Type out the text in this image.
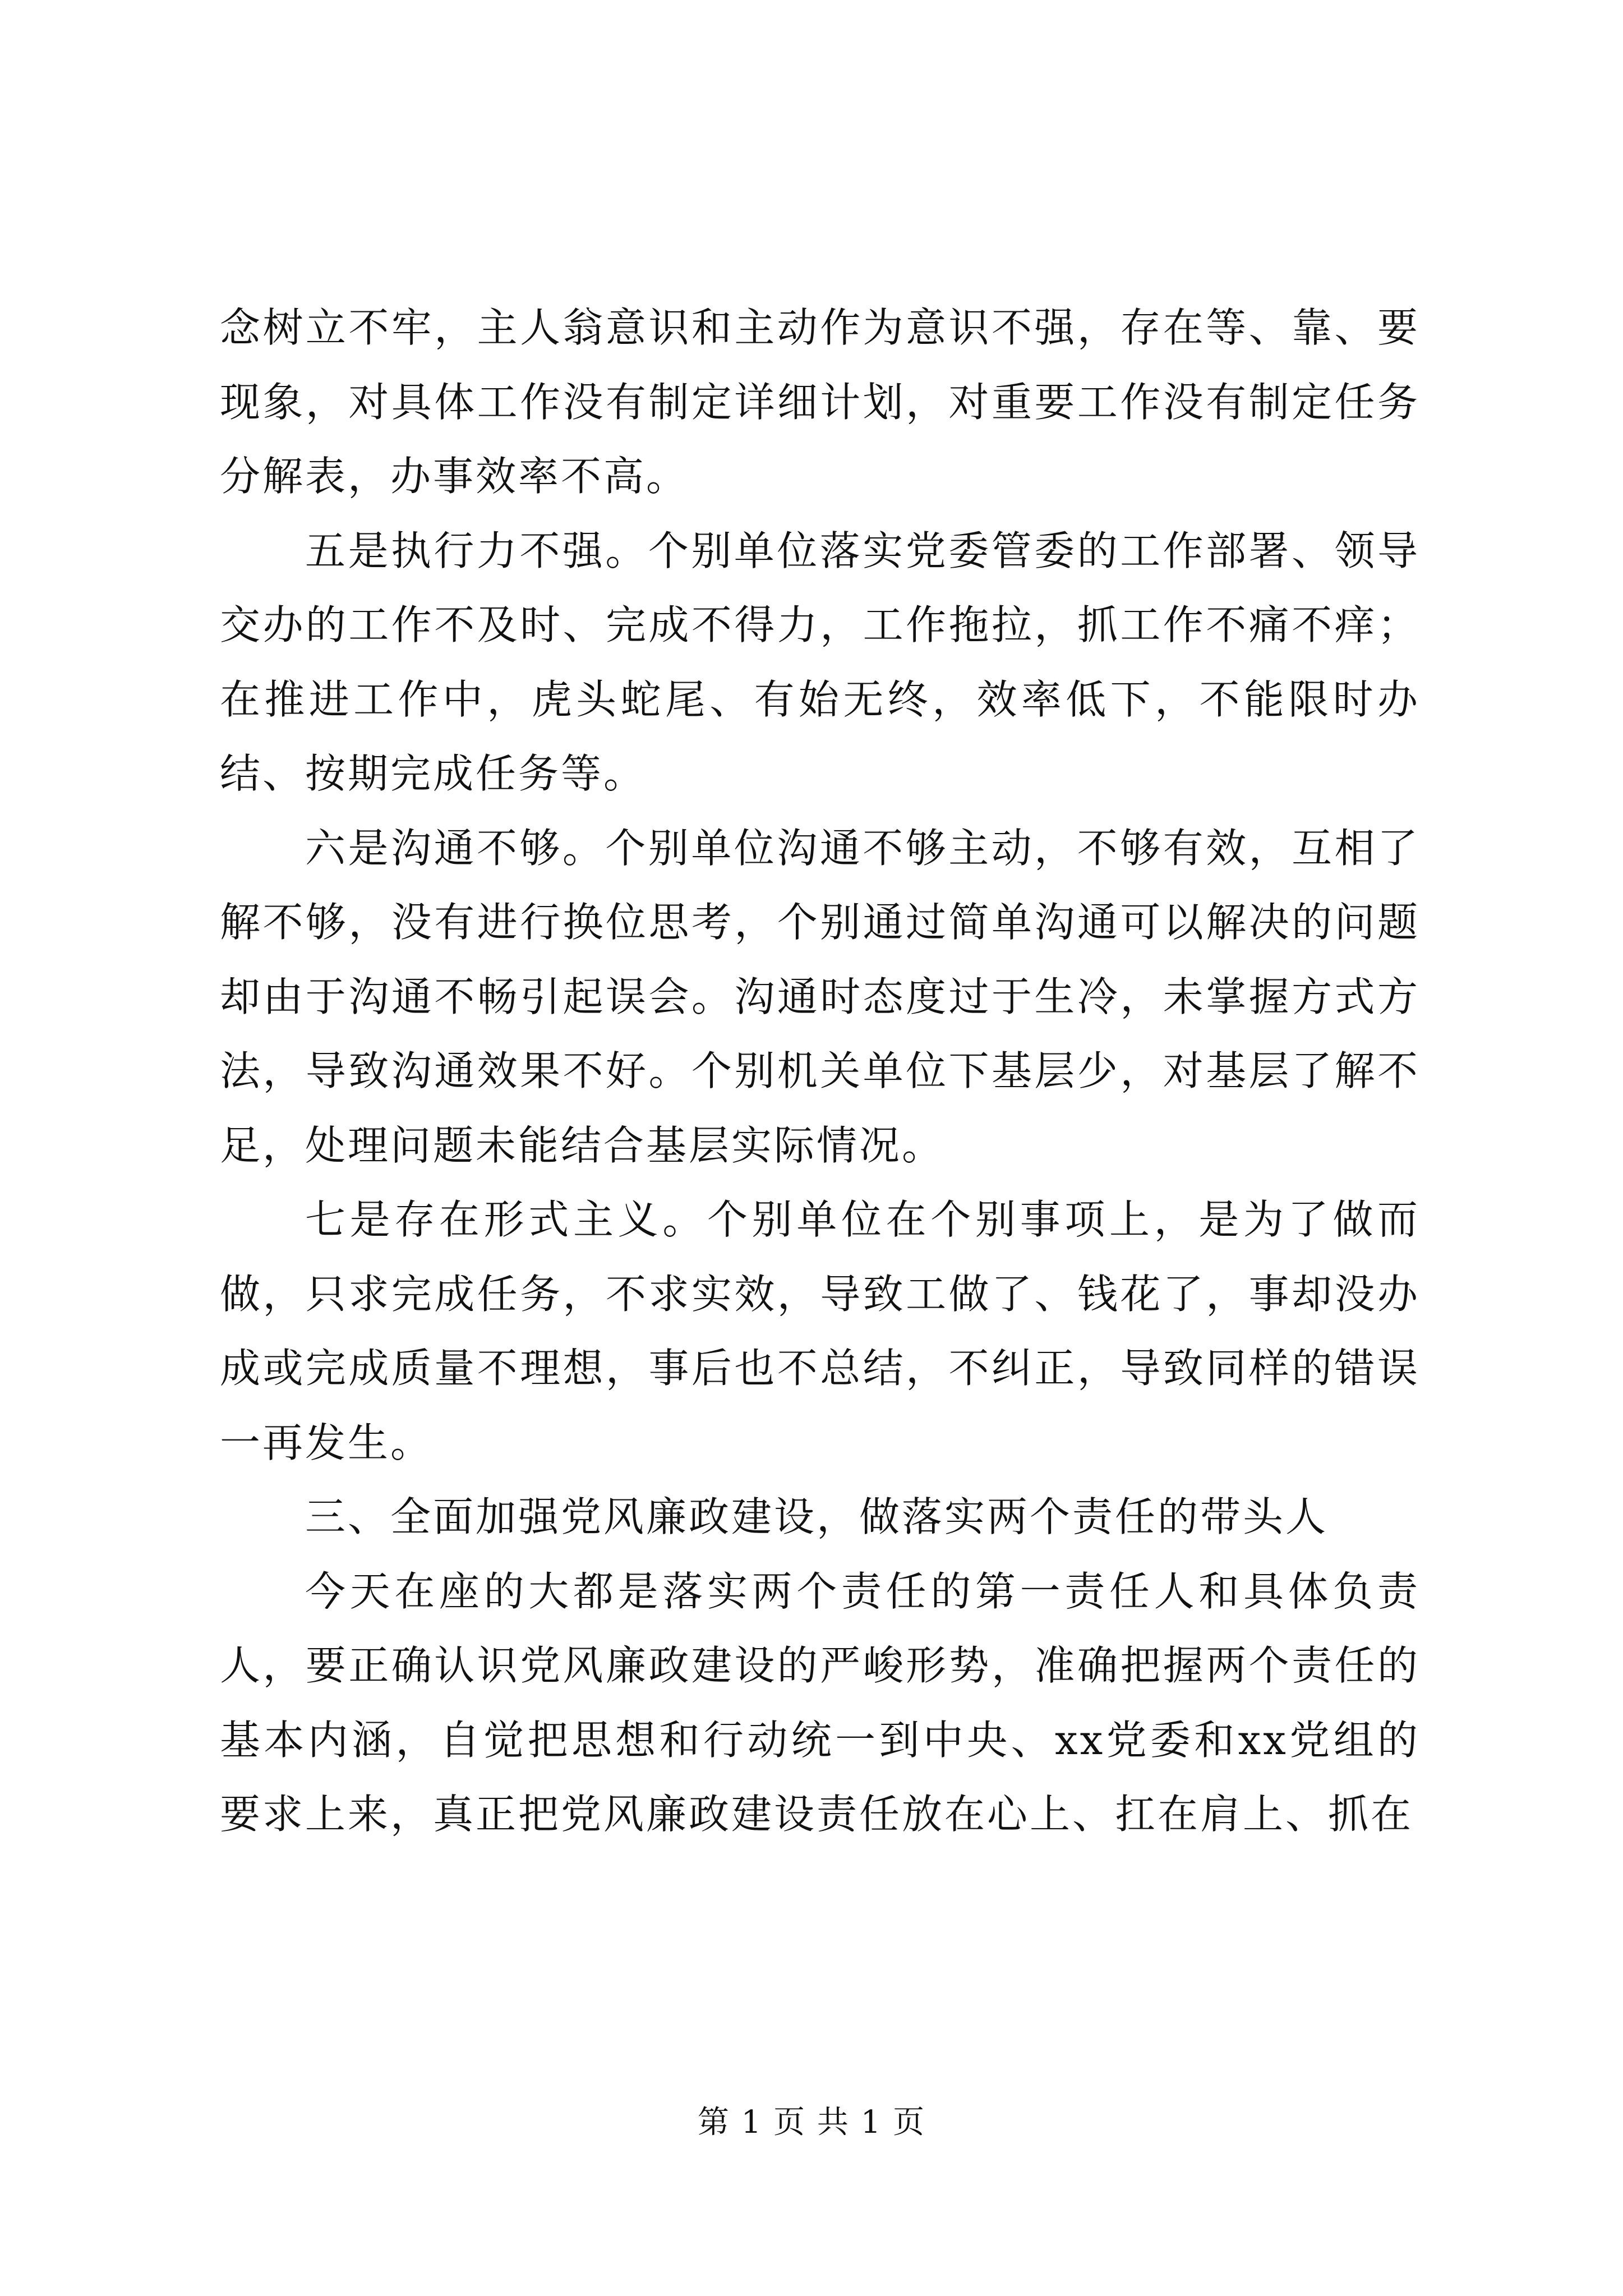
念树立不牢，主人翁意识和主动作为意识不强，存在等、靠、要现象，对具体工作没有制定详细计划，对重要工作没有制定任务分解表，办事效率不高。

五是执行力不强。个别单位落实党委管委的工作部署、领导交办的工作不及时、完成不得力，工作拖拉，抓工作不痛不痒；在推进工作中，虎头蛇尾、有始无终，效率低下，不能限时办结、按期完成任务等。

六是沟通不够。个别单位沟通不够主动，不够有效，互相了解不够，没有进行换位思考，个别通过简单沟通可以解决的问题却由于沟通不畅引起误会。沟通时态度过于生冷，未掌握方式方法，导致沟通效果不好。个别机关单位下基层少，对基层了解不足，处理问题未能结合基层实际情况。

七是存在形式主义。个别单位在个别事项上，是为了做而做，只求完成任务，不求实效，导致工做了、钱花了，事却没办成或完成质量不理想，事后也不总结，不纠正，导致同样的错误一再发生。

三、全面加强党风廉政建设，做落实两个责任的带头人

今天在座的大都是落实两个责任的第一责任人和具体负责人，要正确认识党风廉政建设的严峻形势，准确把握两个责任的基本内涵，自觉把思想和行动统一到中央、xx党委和xx党组的要求上来，真正把党风廉政建设责任放在心上、扛在肩上、抓在

第 1 页 共 1 页
